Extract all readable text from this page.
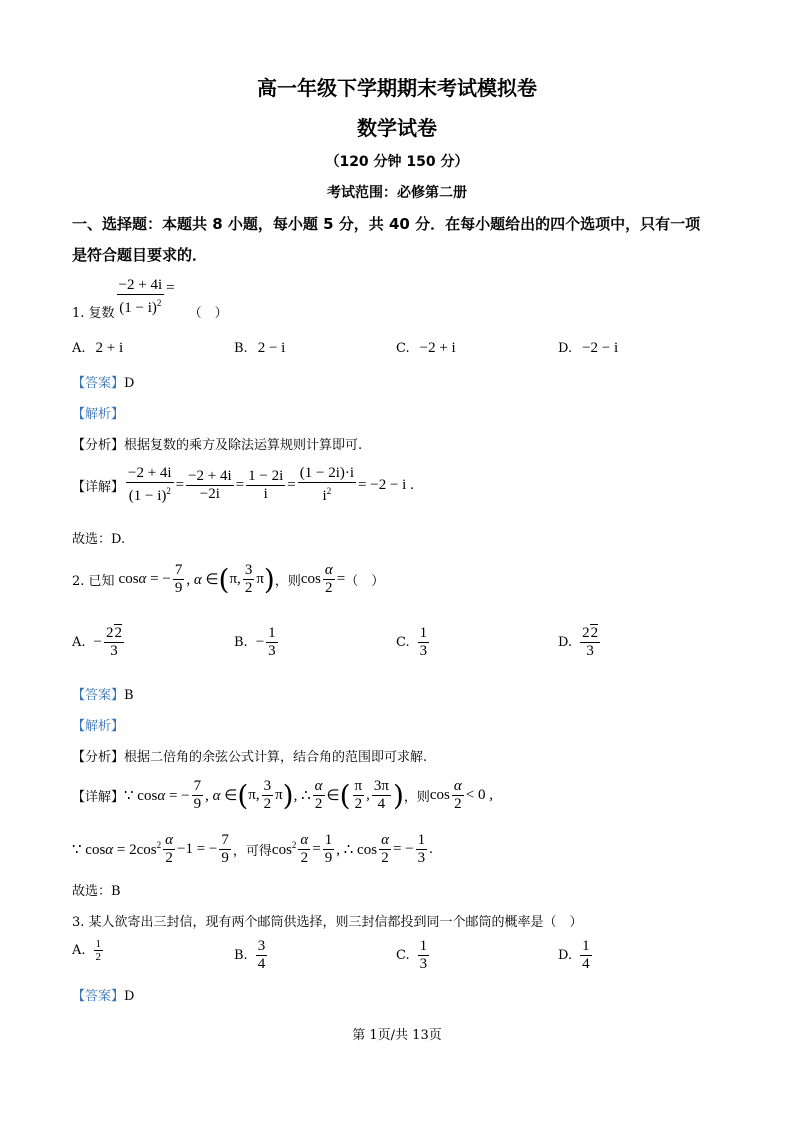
高一年级下学期期末考试模拟卷
数学试卷
（120 分钟 150 分）
考试范围：必修第二册
一、选择题：本题共 8 小题，每小题 5 分，共 40 分．在每小题给出的四个选项中，只有一项
是符合题目要求的．
1. 复数 $\frac{-2 + 4i}{(1 - i)^2}$ =
（　）
A. 2 + i	B. 2 − i	C. −2 + i	D. −2 − i
【答案】D
【解析】
【分析】根据复数的乘方及除法运算规则计算即可.
【详解】 $\frac{-2 + 4i}{(1 - i)^2} = \frac{-2 + 4i}{-2i} = \frac{1 - 2i}{i} = \frac{(1 - 2i)\cdot i}{i^2} = -2 - i$ .
故选：D.
2. 已知 cosα = − $\frac{7}{9}$ , α ∈ ( π, $\frac{3}{2}$ π ) ，则 $\cos \frac{\alpha}{2}$ = （　）
A. − $\frac{22}{3}$	B. − $\frac{1}{3}$	C. $\frac{1}{3}$	D. $\frac{22}{3}$
【答案】B
【解析】
【分析】根据二倍角的余弦公式计算，结合角的范围即可求解.
【详解】 ∵ cosα = − $\frac{7}{9}$ , α ∈ ( π, $\frac{3}{2}$ π ) , ∴ $\frac{\alpha}{2}$ ∈ ( $\frac{\pi}{2}$ , $\frac{3\pi}{4}$ ) ，则 $\cos \frac{\alpha}{2} < 0$ ,
∵ $\cos\alpha = 2\cos^2 \frac{\alpha}{2} -1$ = − $\frac{7}{9}$ ，可得 $\cos^2 \frac{\alpha}{2} = \frac{1}{9}$ , ∴ $\cos \frac{\alpha}{2}$ = − $\frac{1}{3}$ .
故选：B
3. 某人欲寄出三封信，现有两个邮筒供选择，则三封信都投到同一个邮筒的概率是（　）
A. $\frac{1}{2}$	B. $\frac{3}{4}$	C. $\frac{1}{3}$	D. $\frac{1}{4}$
【答案】D
第 1页/共 13页
